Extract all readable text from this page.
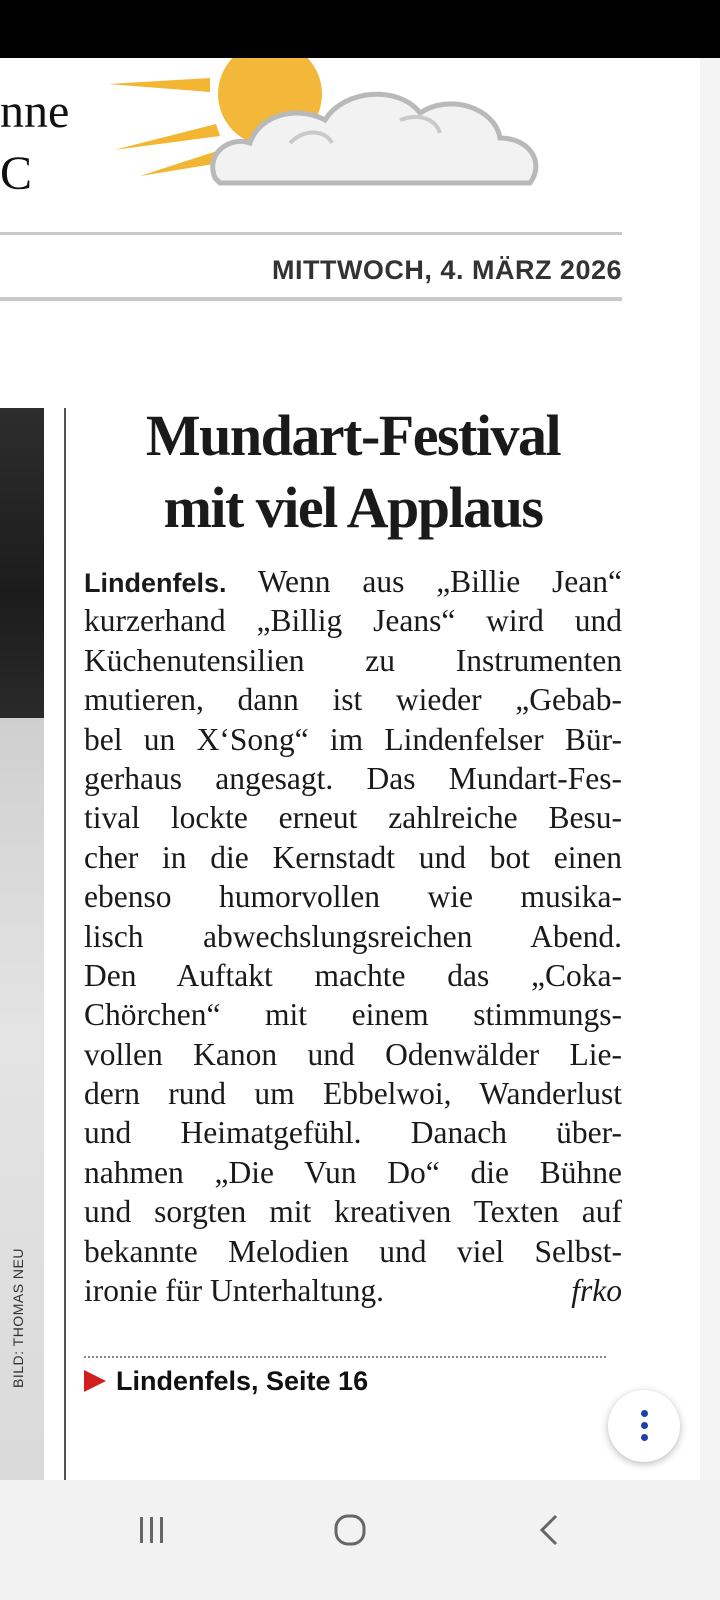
nne
C
MITTWOCH, 4. MÄRZ 2026
BILD: THOMAS NEU
Mundart-Festival
mit viel Applaus
Lindenfels. Wenn aus „Billie Jean“
kurzerhand „Billig Jeans“ wird und
Küchenutensilien zu Instrumenten
mutieren, dann ist wieder „Gebab-
bel un X‘Song“ im Lindenfelser Bür-
gerhaus angesagt. Das Mundart-Fes-
tival lockte erneut zahlreiche Besu-
cher in die Kernstadt und bot einen
ebenso humorvollen wie musika-
lisch abwechslungsreichen Abend.
Den Auftakt machte das „Coka-
Chörchen“ mit einem stimmungs-
vollen Kanon und Odenwälder Lie-
dern rund um Ebbelwoi, Wanderlust
und Heimatgefühl. Danach über-
nahmen „Die Vun Do“ die Bühne
und sorgten mit kreativen Texten auf
bekannte Melodien und viel Selbst-
ironie für Unterhaltung.	frko
Lindenfels, Seite 16
